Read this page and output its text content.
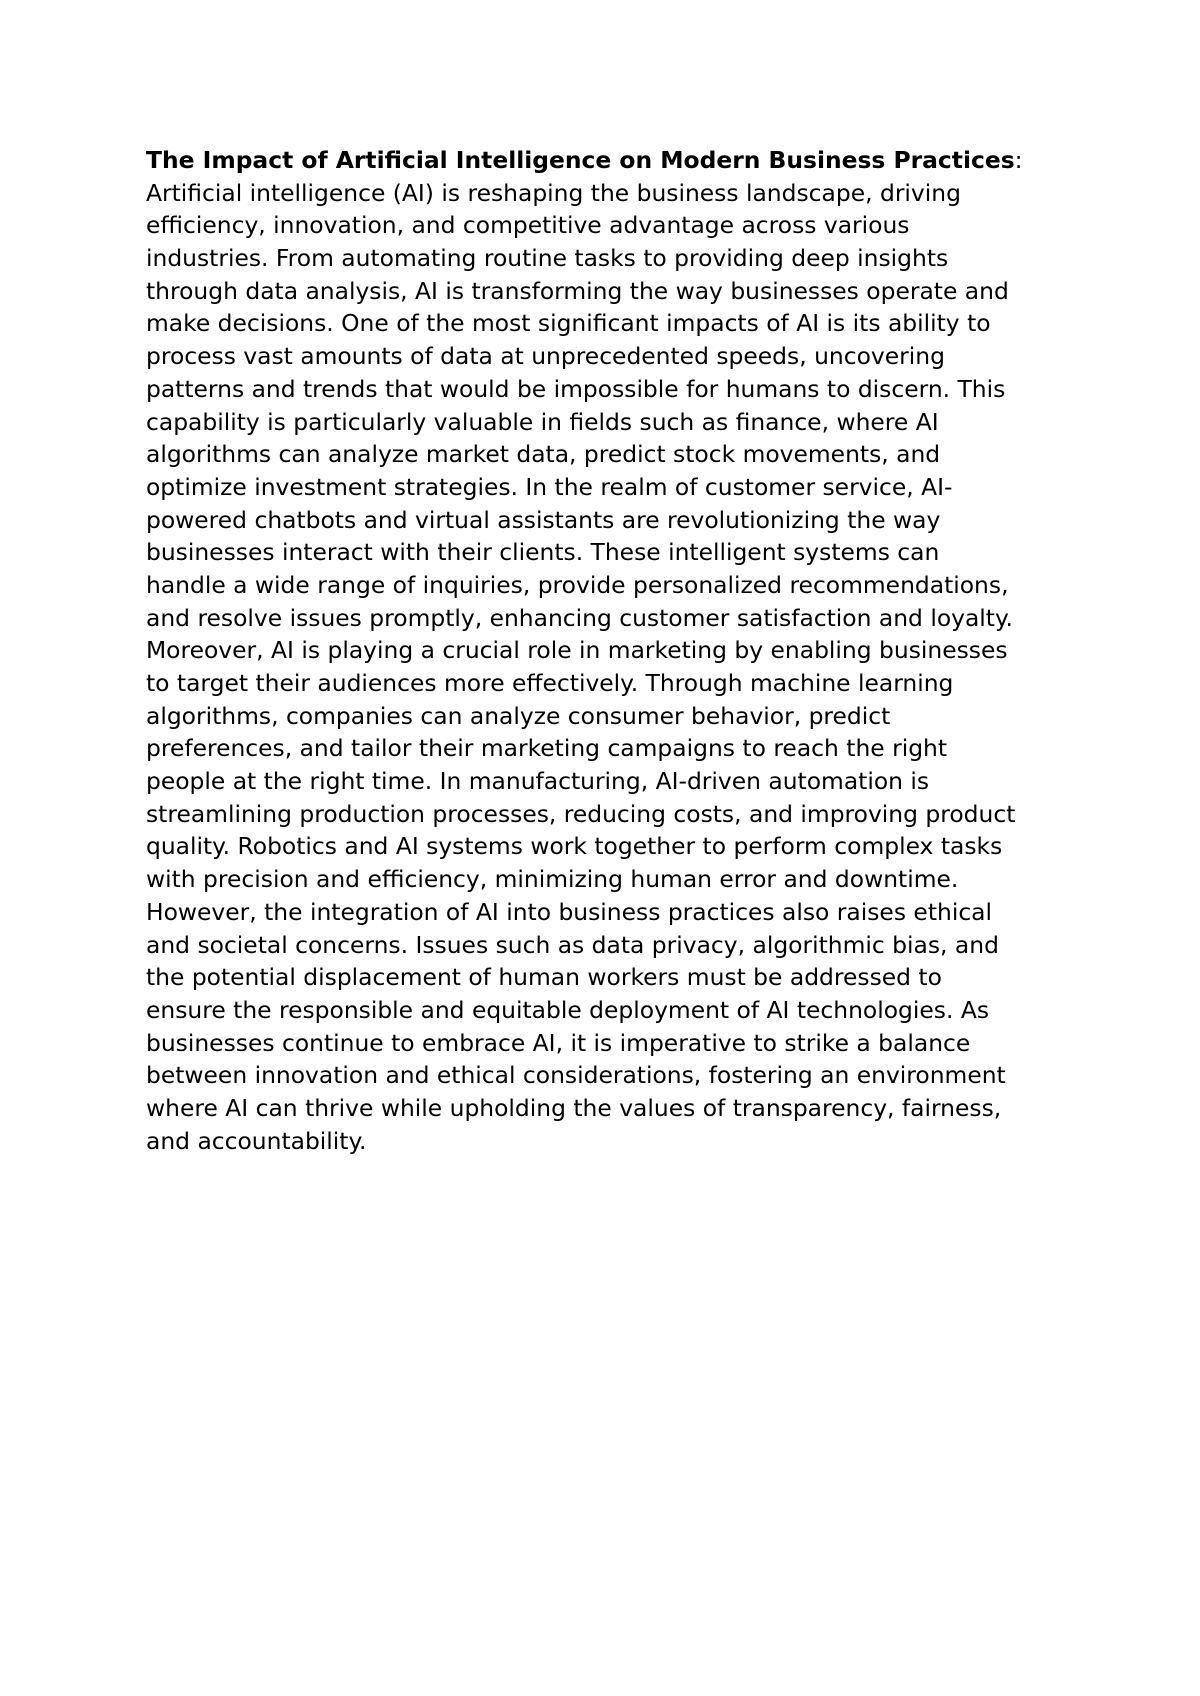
The Impact of Artificial Intelligence on Modern Business Practices:
Artificial intelligence (AI) is reshaping the business landscape, driving
efficiency, innovation, and competitive advantage across various
industries. From automating routine tasks to providing deep insights
through data analysis, AI is transforming the way businesses operate and
make decisions. One of the most significant impacts of AI is its ability to
process vast amounts of data at unprecedented speeds, uncovering
patterns and trends that would be impossible for humans to discern. This
capability is particularly valuable in fields such as finance, where AI
algorithms can analyze market data, predict stock movements, and
optimize investment strategies. In the realm of customer service, AI-
powered chatbots and virtual assistants are revolutionizing the way
businesses interact with their clients. These intelligent systems can
handle a wide range of inquiries, provide personalized recommendations,
and resolve issues promptly, enhancing customer satisfaction and loyalty.
Moreover, AI is playing a crucial role in marketing by enabling businesses
to target their audiences more effectively. Through machine learning
algorithms, companies can analyze consumer behavior, predict
preferences, and tailor their marketing campaigns to reach the right
people at the right time. In manufacturing, AI-driven automation is
streamlining production processes, reducing costs, and improving product
quality. Robotics and AI systems work together to perform complex tasks
with precision and efficiency, minimizing human error and downtime.
However, the integration of AI into business practices also raises ethical
and societal concerns. Issues such as data privacy, algorithmic bias, and
the potential displacement of human workers must be addressed to
ensure the responsible and equitable deployment of AI technologies. As
businesses continue to embrace AI, it is imperative to strike a balance
between innovation and ethical considerations, fostering an environment
where AI can thrive while upholding the values of transparency, fairness,
and accountability.
